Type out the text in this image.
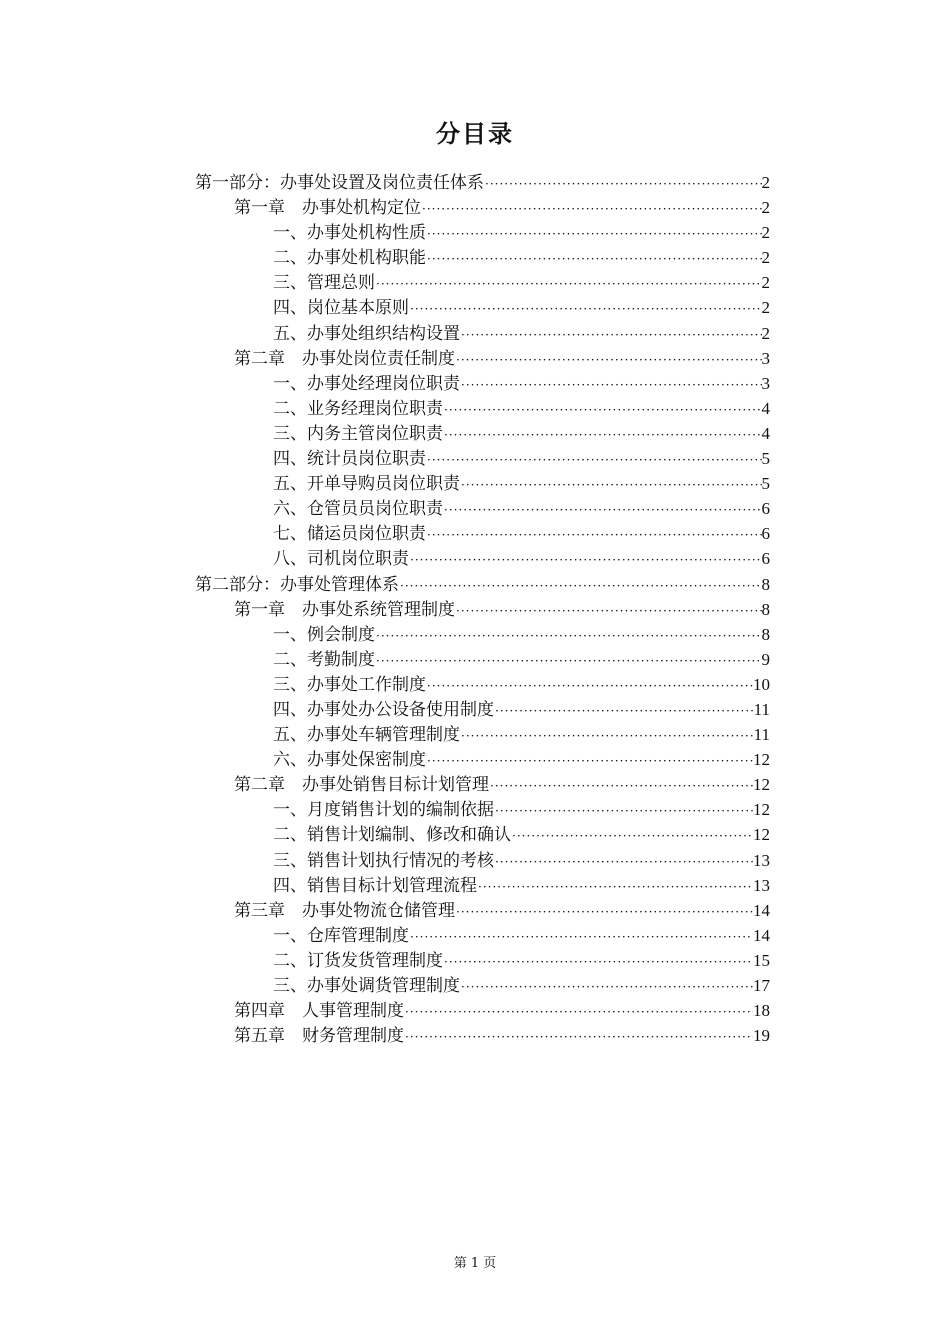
分目录
第一部分：办事处设置及岗位责任体系 ·····	2
第一章　办事处机构定位 ·····	2
一、办事处机构性质 ·····	2
二、办事处机构职能 ·····	2
三、管理总则 ·····	2
四、岗位基本原则 ·····	2
五、办事处组织结构设置 ·····	2
第二章　办事处岗位责任制度 ·····	3
一、办事处经理岗位职责 ·····	3
二、业务经理岗位职责 ·····	4
三、内务主管岗位职责 ·····	4
四、统计员岗位职责 ·····	5
五、开单导购员岗位职责 ·····	5
六、仓管员员岗位职责 ·····	6
七、储运员岗位职责 ·····	6
八、司机岗位职责 ·····	6
第二部分：办事处管理体系 ·····	8
第一章　办事处系统管理制度 ·····	8
一、例会制度 ·····	8
二、考勤制度 ·····	9
三、办事处工作制度 ·····	10
四、办事处办公设备使用制度 ·····	11
五、办事处车辆管理制度 ·····	11
六、办事处保密制度 ·····	12
第二章　办事处销售目标计划管理 ·····	12
一、月度销售计划的编制依据 ·····	12
二、销售计划编制、修改和确认 ·····	12
三、销售计划执行情况的考核 ·····	13
四、销售目标计划管理流程 ·····	13
第三章　办事处物流仓储管理 ·····	14
一、仓库管理制度 ·····	14
二、订货发货管理制度 ·····	15
三、办事处调货管理制度 ·····	17
第四章　人事管理制度 ·····	18
第五章　财务管理制度 ·····	19
第 1 页
